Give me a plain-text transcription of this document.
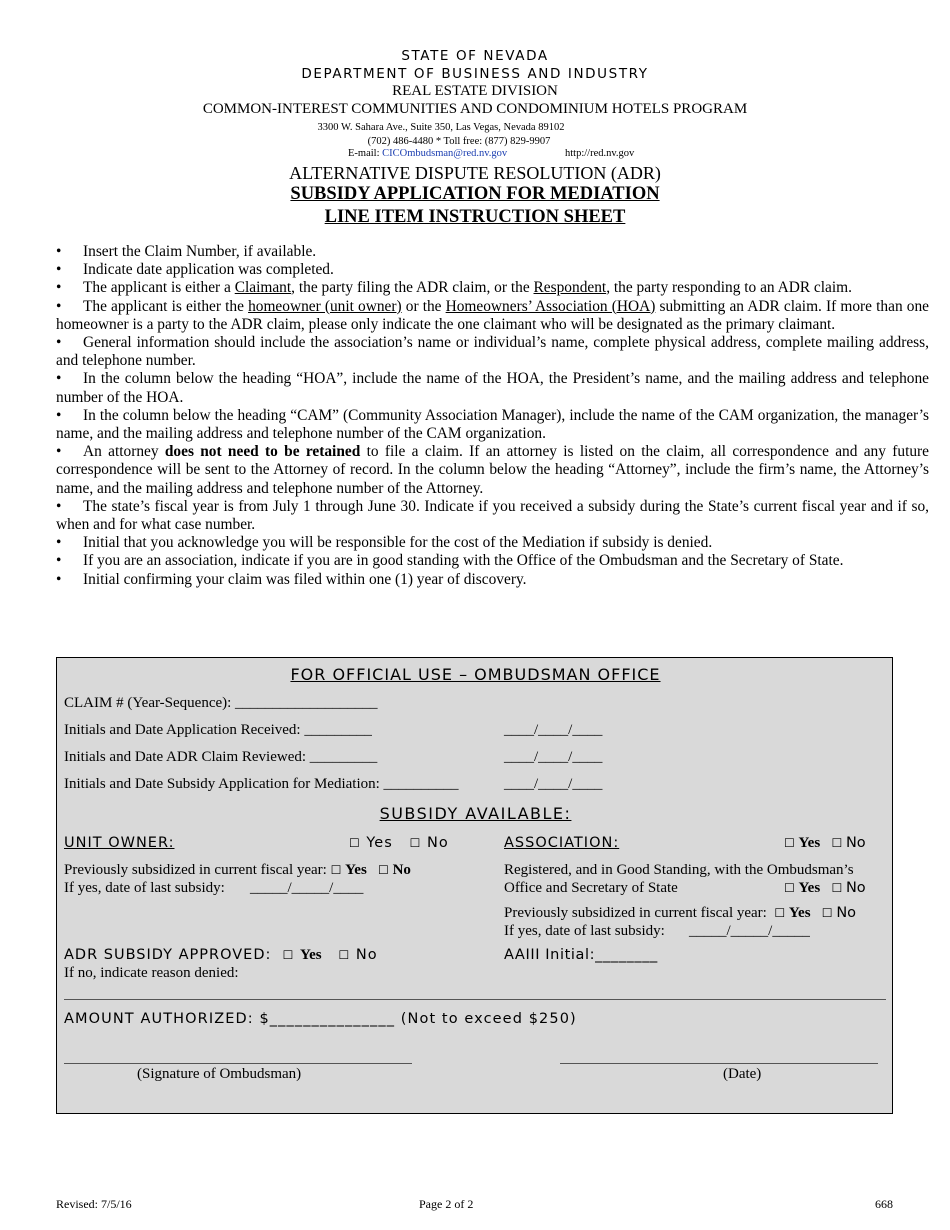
STATE OF NEVADA
DEPARTMENT OF BUSINESS AND INDUSTRY
REAL ESTATE DIVISION
COMMON-INTEREST COMMUNITIES AND CONDOMINIUM HOTELS PROGRAM
3300 W. Sahara Ave., Suite 350, Las Vegas, Nevada 89102
(702) 486-4480 * Toll free: (877) 829-9907
E-mail: CICOmbudsman@red.nv.gov	http://red.nv.gov
ALTERNATIVE DISPUTE RESOLUTION (ADR)
SUBSIDY APPLICATION FOR MEDIATION
LINE ITEM INSTRUCTION SHEET
• Insert the Claim Number, if available.
• Indicate date application was completed.
• The applicant is either a Claimant, the party filing the ADR claim, or the Respondent, the party responding to an ADR claim.
• The applicant is either the homeowner (unit owner) or the Homeowners’ Association (HOA) submitting an ADR claim. If more than one homeowner is a party to the ADR claim, please only indicate the one claimant who will be designated as the primary claimant.
• General information should include the association’s name or individual’s name, complete physical address, complete mailing address, and telephone number.
• In the column below the heading “HOA”, include the name of the HOA, the President’s name, and the mailing address and telephone number of the HOA.
• In the column below the heading “CAM” (Community Association Manager), include the name of the CAM organization, the manager’s name, and the mailing address and telephone number of the CAM organization.
• An attorney does not need to be retained to file a claim. If an attorney is listed on the claim, all correspondence and any future correspondence will be sent to the Attorney of record. In the column below the heading “Attorney”, include the firm’s name, the Attorney’s name, and the mailing address and telephone number of the Attorney.
• The state’s fiscal year is from July 1 through June 30. Indicate if you received a subsidy during the State’s current fiscal year and if so, when and for what case number.
• Initial that you acknowledge you will be responsible for the cost of the Mediation if subsidy is denied.
• If you are an association, indicate if you are in good standing with the Office of the Ombudsman and the Secretary of State.
• Initial confirming your claim was filed within one (1) year of discovery.
FOR OFFICIAL USE – OMBUDSMAN OFFICE
CLAIM # (Year-Sequence): ___________________
Initials and Date Application Received: _________	____/____/____
Initials and Date ADR Claim Reviewed: _________	____/____/____
Initials and Date Subsidy Application for Mediation: __________	____/____/____
SUBSIDY AVAILABLE:
UNIT OWNER:	☐ Yes ☐ No
Previously subsidized in current fiscal year: ☐ Yes ☐ No
If yes, date of last subsidy: _____/_____/____
ASSOCIATION:	☐ Yes ☐ No
Registered, and in Good Standing, with the Ombudsman’s
Office and Secretary of State	☐ Yes ☐ No
Previously subsidized in current fiscal year: ☐ Yes ☐ No
If yes, date of last subsidy: _____/_____/_____
ADR SUBSIDY APPROVED: ☐ Yes ☐ No
If no, indicate reason denied:
AAIII Initial:________
AMOUNT AUTHORIZED: $_______________ (Not to exceed $250)
(Signature of Ombudsman)	(Date)
Revised: 7/5/16	Page 2 of 2	668
